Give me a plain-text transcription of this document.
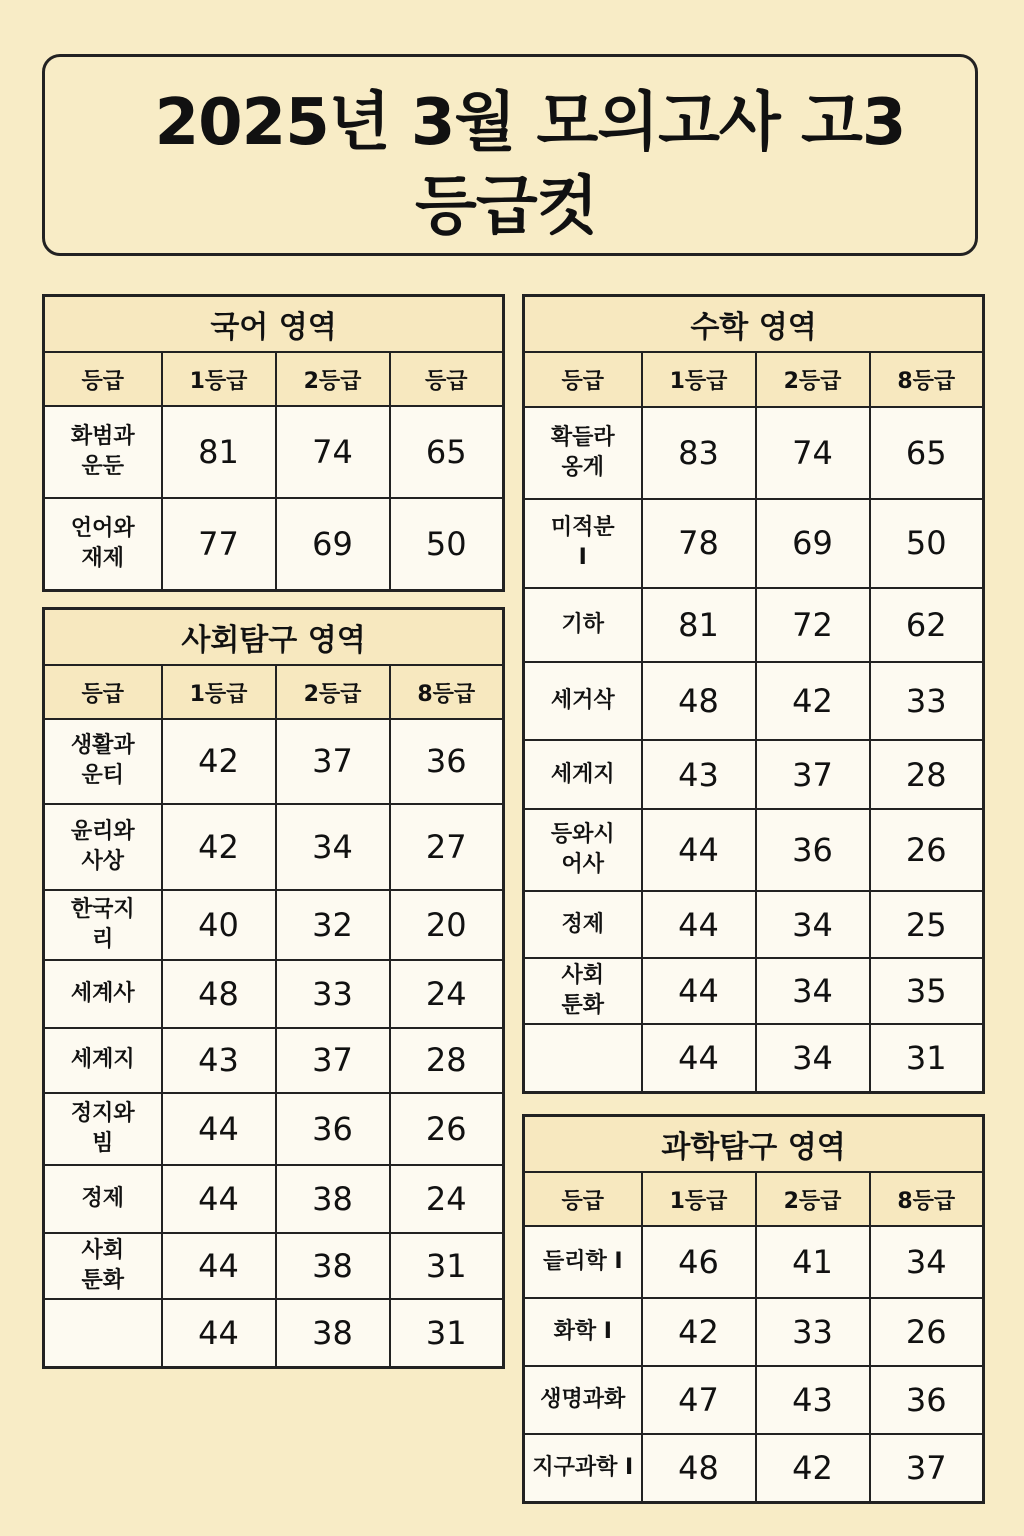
2025년 3월 모의고사 고3
등급컷
국어 영역			
등급	1등급	2등급	등급
화범과
운둔	81	74	65
언어와
재제	77	69	50
사회탐구 영역			
등급	1등급	2등급	8등급
생활과
운티	42	37	36
윤리와
사상	42	34	27
한국지
리	40	32	20
세계사	48	33	24
세계지	43	37	28
정지와
빔	44	36	26
정제	44	38	24
사회
툰화	44	38	31
	44	38	31
수학 영역			
등급	1등급	2등급	8등급
확듵라
옹게	83	74	65
미적분
I	78	69	50
기하	81	72	62
세거삭	48	42	33
세게지	43	37	28
등와시
어사	44	36	26
정제	44	34	25
사회
툰화	44	34	35
	44	34	31
과학탐구 영역			
등급	1등급	2등급	8등급
듵리학 I	46	41	34
화학 I	42	33	26
생명과화	47	43	36
지구과학 I	48	42	37
